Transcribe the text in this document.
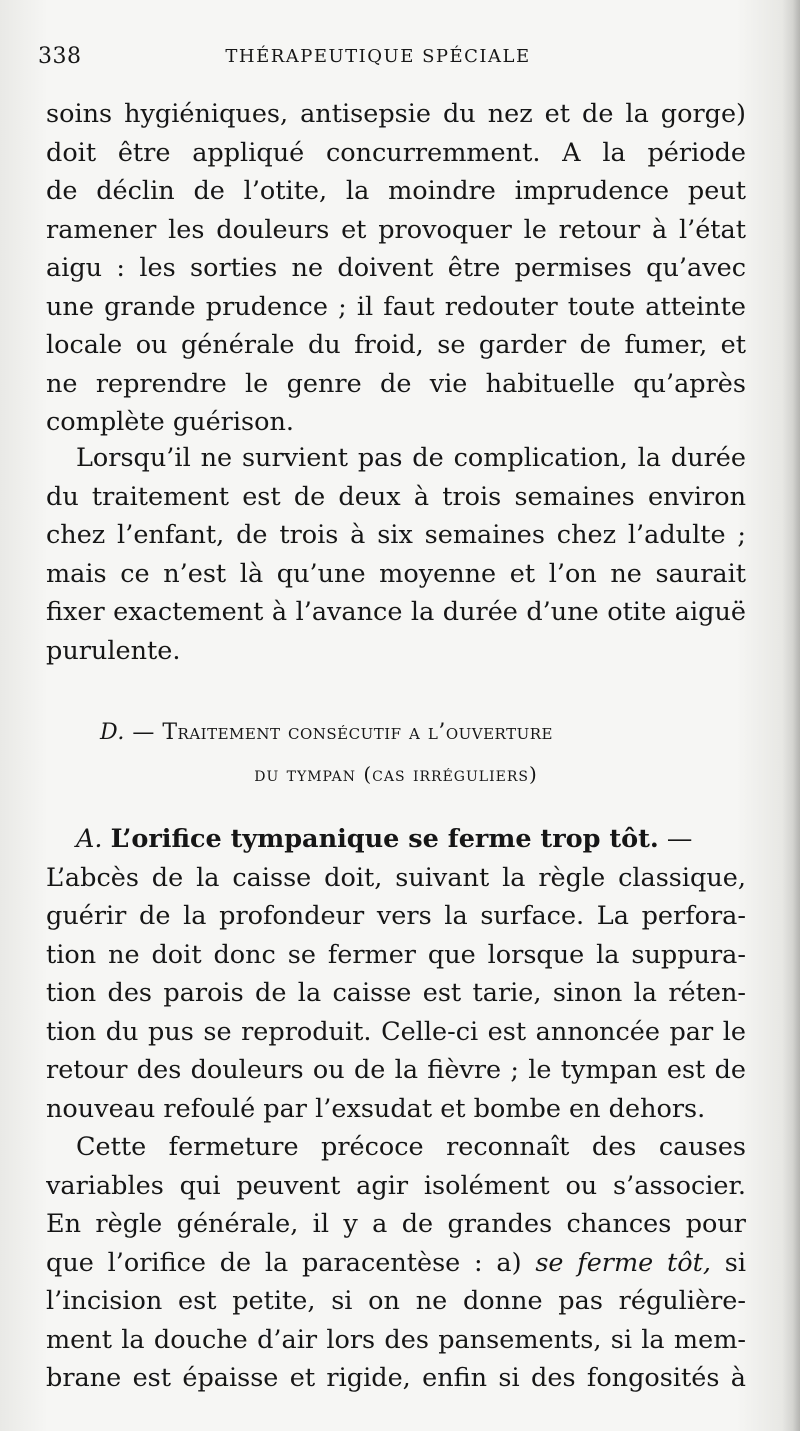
338	THÉRAPEUTIQUE SPÉCIALE
soins hygiéniques, antisepsie du nez et de la gorge)
doit être appliqué concurremment. A la période
de déclin de l’otite, la moindre imprudence peut
ramener les douleurs et provoquer le retour à l’état
aigu : les sorties ne doivent être permises qu’avec
une grande prudence ; il faut redouter toute atteinte
locale ou générale du froid, se garder de fumer, et
ne reprendre le genre de vie habituelle qu’après
complète guérison.
Lorsqu’il ne survient pas de complication, la durée
du traitement est de deux à trois semaines environ
chez l’enfant, de trois à six semaines chez l’adulte ;
mais ce n’est là qu’une moyenne et l’on ne saurait
fixer exactement à l’avance la durée d’une otite aiguë
purulente.
D. — Traitement consécutif a l’ouverture
du tympan (cas irréguliers)
A. L’orifice tympanique se ferme trop tôt. —
L’abcès de la caisse doit, suivant la règle classique,
guérir de la profondeur vers la surface. La perfora-
tion ne doit donc se fermer que lorsque la suppura-
tion des parois de la caisse est tarie, sinon la réten-
tion du pus se reproduit. Celle-ci est annoncée par le
retour des douleurs ou de la fièvre ; le tympan est de
nouveau refoulé par l’exsudat et bombe en dehors.
Cette fermeture précoce reconnaît des causes
variables qui peuvent agir isolément ou s’associer.
En règle générale, il y a de grandes chances pour
que l’orifice de la paracentèse : a) se ferme tôt, si
l’incision est petite, si on ne donne pas régulière-
ment la douche d’air lors des pansements, si la mem-
brane est épaisse et rigide, enfin si des fongosités à
